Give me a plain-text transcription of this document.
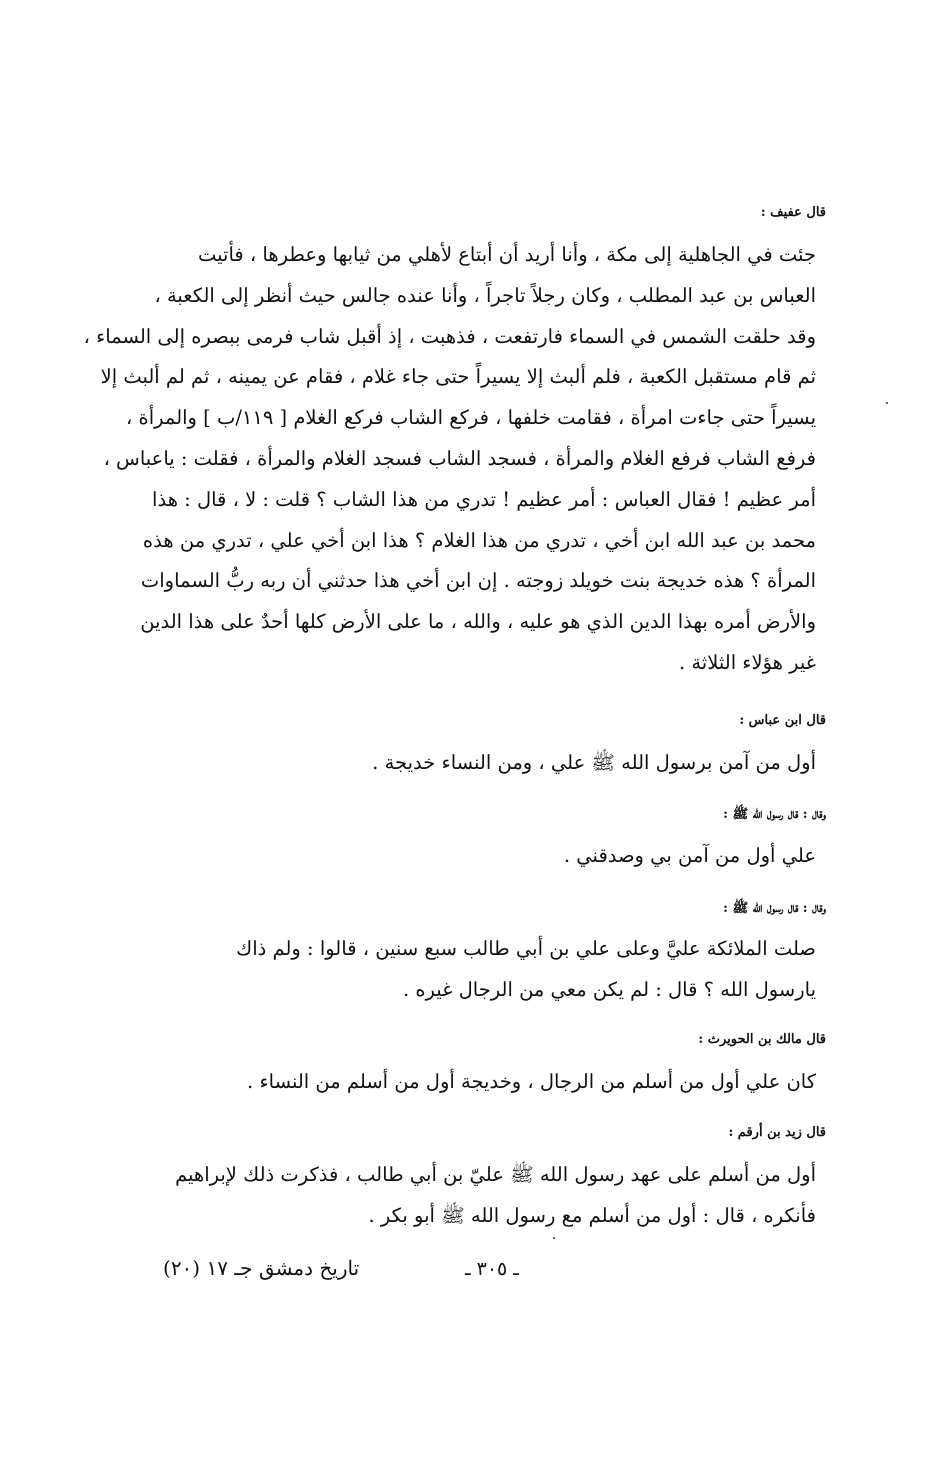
قال عفيف :
جئت في الجاهلية إلى مكة ، وأنا أريد أن أبتاع لأهلي من ثيابها وعطرها ، فأتيت
العباس بن عبد المطلب ، وكان رجلاً تاجراً ، وأنا عنده جالس حيث أنظر إلى الكعبة ،
وقد حلقت الشمس في السماء فارتفعت ، فذهبت ، إذ أقبل شاب فرمى ببصره إلى السماء ،
ثم قام مستقبل الكعبة ، فلم ألبث إلا يسيراً حتى جاء غلام ، فقام عن يمينه ، ثم لم ألبث إلا
يسيراً حتى جاءت امرأة ، فقامت خلفها ، فركع الشاب فركع الغلام [ ١١٩/ب ] والمرأة ،
فرفع الشاب فرفع الغلام والمرأة ، فسجد الشاب فسجد الغلام والمرأة ، فقلت : ياعباس ،
أمر عظيم ! فقال العباس : أمر عظيم ! تدري من هذا الشاب ؟ قلت : لا ، قال : هذا
محمد بن عبد الله ابن أخي ، تدري من هذا الغلام ؟ هذا ابن أخي علي ، تدري من هذه
المرأة ؟ هذه خديجة بنت خويلد زوجته . إن ابن أخي هذا حدثني أن ربه ربُّ السماوات
والأرض أمره بهذا الدين الذي هو عليه ، والله ، ما على الأرض كلها أحدٌ على هذا الدين
غير هؤلاء الثلاثة .
قال ابن عباس :
أول من آمن برسول الله ﷺ علي ، ومن النساء خديجة .
وقال : قال رسول الله ﷺ :
علي أول من آمن بي وصدقني .
وقال : قال رسول الله ﷺ :
صلت الملائكة عليَّ وعلى علي بن أبي طالب سبع سنين ، قالوا : ولم ذاك
يارسول الله ؟ قال : لم يكن معي من الرجال غيره .
قال مالك بن الحويرث :
كان علي أول من أسلم من الرجال ، وخديجة أول من أسلم من النساء .
قال زيد بن أرقم :
أول من أسلم على عهد رسول الله ﷺ عليّ بن أبي طالب ، فذكرت ذلك لإبراهيم
فأنكره ، قال : أول من أسلم مع رسول الله ﷺ أبو بكر .
تاريخ دمشق جـ ١٧ (٢٠)	ـ ٣٠٥ ـ
